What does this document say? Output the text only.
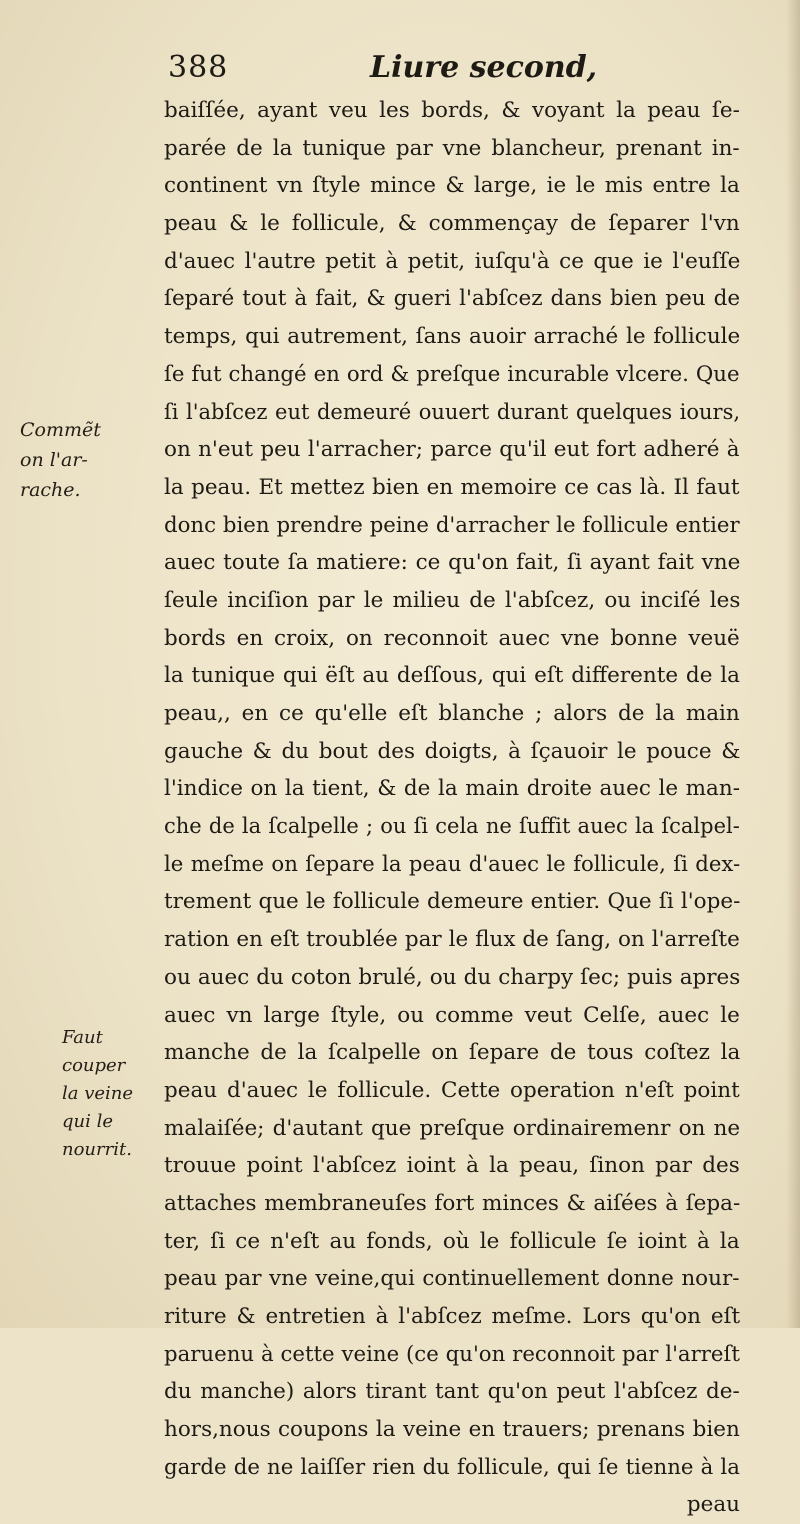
388	Liure second,
Commẽt
on l'ar-
rache.
Faut
couper
la veine
qui le
nourrit.
baiſſée, ayant veu les bords, & voyant la peau ſe-
parée de la tunique par vne blancheur, prenant in-
continent vn ſtyle mince & large, ie le mis entre la
peau & le follicule, & commençay de ſeparer l'vn
d'auec l'autre petit à petit, iuſqu'à ce que ie l'euſſe
ſeparé tout à fait, & gueri l'abſcez dans bien peu de
temps, qui autrement, ſans auoir arraché le follicule
ſe fut changé en ord & preſque incurable vlcere. Que
ſi l'abſcez eut demeuré ouuert durant quelques iours,
on n'eut peu l'arracher; parce qu'il eut fort adheré à
la peau. Et mettez bien en memoire ce cas là. Il faut
donc bien prendre peine d'arracher le follicule entier
auec toute ſa matiere: ce qu'on fait, ſi ayant fait vne
ſeule inciſion par le milieu de l'abſcez, ou inciſé les
bords en croix, on reconnoit auec vne bonne veuë
la tunique qui ëſt au deſſous, qui eſt differente de la
peau,, en ce qu'elle eſt blanche ; alors de la main
gauche & du bout des doigts, à ſçauoir le pouce &
l'indice on la tient, & de la main droite auec le man-
che de la ſcalpelle ; ou ſi cela ne ſuffit auec la ſcalpel-
le meſme on ſepare la peau d'auec le follicule, ſi dex-
trement que le follicule demeure entier. Que ſi l'ope-
ration en eſt troublée par le flux de ſang, on l'arreſte
ou auec du coton brulé, ou du charpy ſec; puis apres
auec vn large ſtyle, ou comme veut Celſe, auec le
manche de la ſcalpelle on ſepare de tous coſtez la
peau d'auec le follicule. Cette operation n'eſt point
malaiſée; d'autant que preſque ordinairemenr on ne
trouue point l'abſcez ioint à la peau, ſinon par des
attaches membraneuſes fort minces & aiſées à ſepa-
ter, ſi ce n'eſt au fonds, où le follicule ſe ioint à la
peau par vne veine,qui continuellement donne nour-
riture & entretien à l'abſcez meſme. Lors qu'on eſt
paruenu à cette veine (ce qu'on reconnoit par l'arreſt
du manche) alors tirant tant qu'on peut l'abſcez de-
hors,nous coupons la veine en trauers; prenans bien
garde de ne laiſſer rien du follicule, qui ſe tienne à la
peau
